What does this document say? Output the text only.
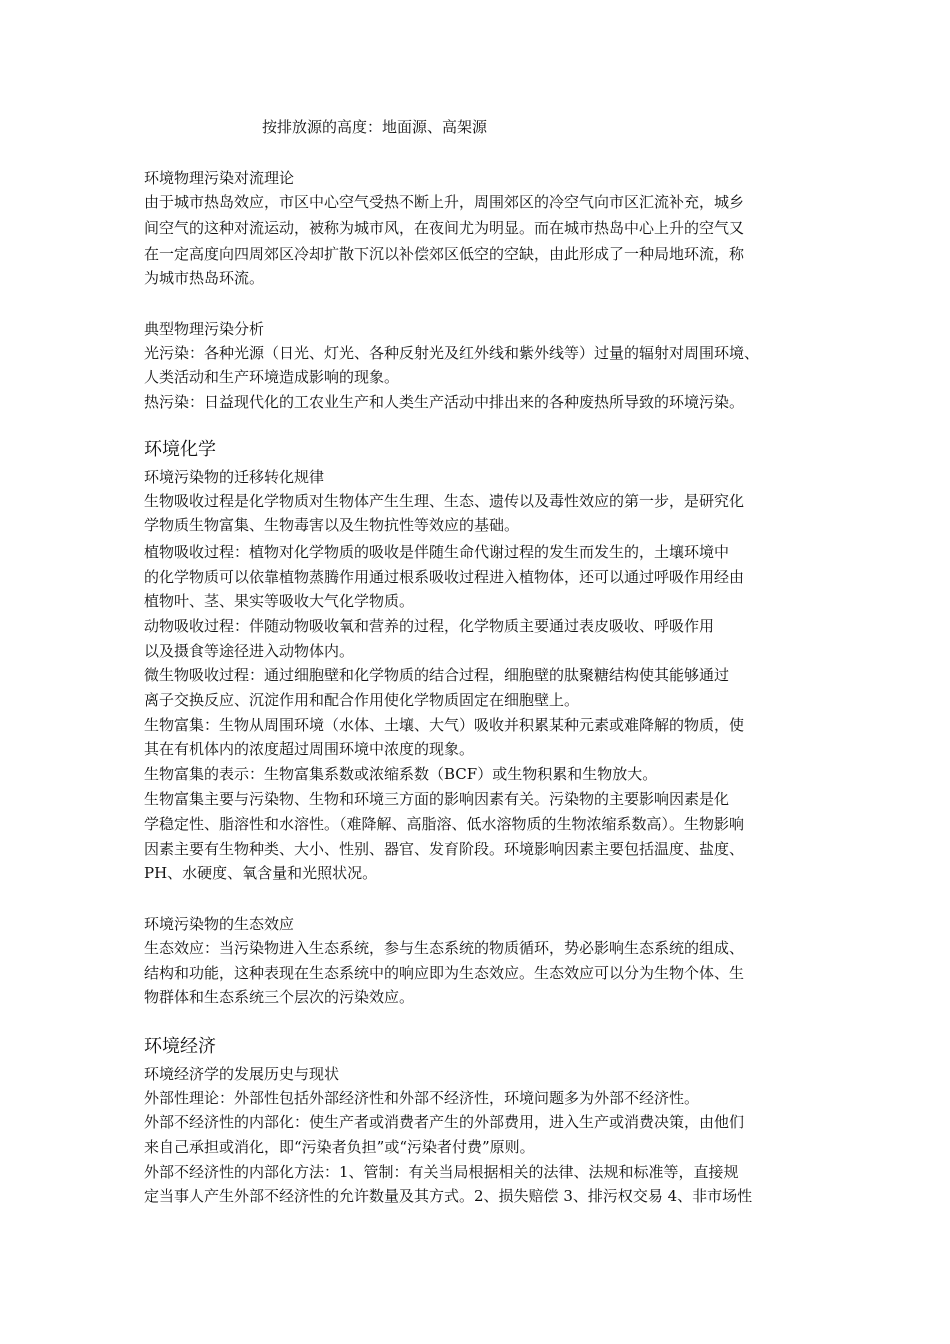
按排放源的高度：地面源、高架源
环境物理污染对流理论
由于城市热岛效应，市区中心空气受热不断上升，周围郊区的冷空气向市区汇流补充，城乡
间空气的这种对流运动，被称为城市风，在夜间尤为明显。而在城市热岛中心上升的空气又
在一定高度向四周郊区冷却扩散下沉以补偿郊区低空的空缺，由此形成了一种局地环流，称
为城市热岛环流。
典型物理污染分析
光污染：各种光源（日光、灯光、各种反射光及红外线和紫外线等）过量的辐射对周围环境、
人类活动和生产环境造成影响的现象。
热污染：日益现代化的工农业生产和人类生产活动中排出来的各种废热所导致的环境污染。
环境化学
环境污染物的迁移转化规律
生物吸收过程是化学物质对生物体产生生理、生态、遗传以及毒性效应的第一步，是研究化
学物质生物富集、生物毒害以及生物抗性等效应的基础。
植物吸收过程：植物对化学物质的吸收是伴随生命代谢过程的发生而发生的，土壤环境中
的化学物质可以依靠植物蒸腾作用通过根系吸收过程进入植物体，还可以通过呼吸作用经由
植物叶、茎、果实等吸收大气化学物质。
动物吸收过程：伴随动物吸收氧和营养的过程，化学物质主要通过表皮吸收、呼吸作用
以及摄食等途径进入动物体内。
微生物吸收过程：通过细胞壁和化学物质的结合过程，细胞壁的肽聚糖结构使其能够通过
离子交换反应、沉淀作用和配合作用使化学物质固定在细胞壁上。
生物富集：生物从周围环境（水体、土壤、大气）吸收并积累某种元素或难降解的物质，使
其在有机体内的浓度超过周围环境中浓度的现象。
生物富集的表示：生物富集系数或浓缩系数（BCF）或生物积累和生物放大。
生物富集主要与污染物、生物和环境三方面的影响因素有关。污染物的主要影响因素是化
学稳定性、脂溶性和水溶性。（难降解、高脂溶、低水溶物质的生物浓缩系数高）。生物影响
因素主要有生物种类、大小、性别、器官、发育阶段。环境影响因素主要包括温度、盐度、
PH、水硬度、氧含量和光照状况。
环境污染物的生态效应
生态效应：当污染物进入生态系统，参与生态系统的物质循环，势必影响生态系统的组成、
结构和功能，这种表现在生态系统中的响应即为生态效应。生态效应可以分为生物个体、生
物群体和生态系统三个层次的污染效应。
环境经济
环境经济学的发展历史与现状
外部性理论：外部性包括外部经济性和外部不经济性，环境问题多为外部不经济性。
外部不经济性的内部化：使生产者或消费者产生的外部费用，进入生产或消费决策，由他们
来自己承担或消化，即“污染者负担”或“污染者付费”原则。
外部不经济性的内部化方法：1、管制：有关当局根据相关的法律、法规和标准等，直接规
定当事人产生外部不经济性的允许数量及其方式。2、损失赔偿 3、排污权交易 4、非市场性
